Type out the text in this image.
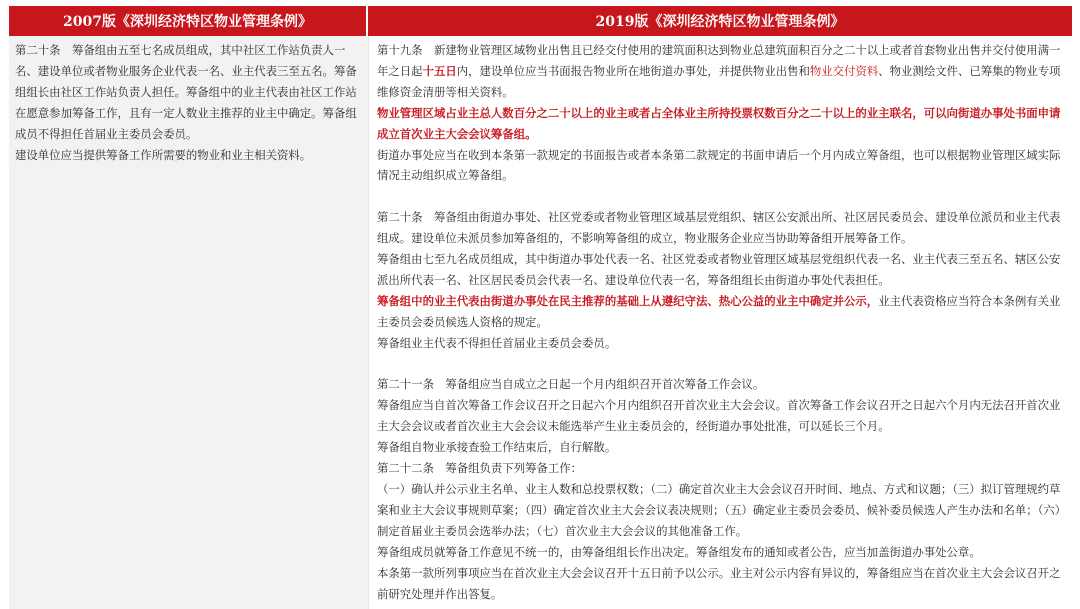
2007版《深圳经济特区物业管理条例》	2019版《深圳经济特区物业管理条例》

第二十条　筹备组由五至七名成员组成，其中社区工作站负责人一名、建设单位或者物业服务企业代表一名、业主代表三至五名。筹备组组长由社区工作站负责人担任。筹备组中的业主代表由社区工作站在愿意参加筹备工作，且有一定人数业主推荐的业主中确定。筹备组成员不得担任首届业主委员会委员。

建设单位应当提供筹备工作所需要的物业和业主相关资料。

第十九条　新建物业管理区域物业出售且已经交付使用的建筑面积达到物业总建筑面积百分之二十以上或者首套物业出售并交付使用满一年之日起十五日内，建设单位应当书面报告物业所在地街道办事处，并提供物业出售和物业交付资料、物业测绘文件、已筹集的物业专项维修资金清册等相关资料。

物业管理区域占业主总人数百分之二十以上的业主或者占全体业主所持投票权数百分之二十以上的业主联名，可以向街道办事处书面申请成立首次业主大会会议筹备组。

街道办事处应当在收到本条第一款规定的书面报告或者本条第二款规定的书面申请后一个月内成立筹备组，也可以根据物业管理区域实际情况主动组织成立筹备组。

第二十条　筹备组由街道办事处、社区党委或者物业管理区域基层党组织、辖区公安派出所、社区居民委员会、建设单位派员和业主代表组成。建设单位未派员参加筹备组的，不影响筹备组的成立，物业服务企业应当协助筹备组开展筹备工作。

筹备组由七至九名成员组成，其中街道办事处代表一名、社区党委或者物业管理区域基层党组织代表一名、业主代表三至五名、辖区公安派出所代表一名、社区居民委员会代表一名、建设单位代表一名，筹备组组长由街道办事处代表担任。

筹备组中的业主代表由街道办事处在民主推荐的基础上从遵纪守法、热心公益的业主中确定并公示，业主代表资格应当符合本条例有关业主委员会委员候选人资格的规定。

筹备组业主代表不得担任首届业主委员会委员。

第二十一条　筹备组应当自成立之日起一个月内组织召开首次筹备工作会议。

筹备组应当自首次筹备工作会议召开之日起六个月内组织召开首次业主大会会议。首次筹备工作会议召开之日起六个月内无法召开首次业主大会会议或者首次业主大会会议未能选举产生业主委员会的，经街道办事处批准，可以延长三个月。

筹备组自物业承接查验工作结束后，自行解散。

第二十二条　筹备组负责下列筹备工作：

（一）确认并公示业主名单、业主人数和总投票权数；（二）确定首次业主大会会议召开时间、地点、方式和议题；（三）拟订管理规约草案和业主大会议事规则草案；（四）确定首次业主大会会议表决规则；（五）确定业主委员会委员、候补委员候选人产生办法和名单；（六）制定首届业主委员会选举办法；（七）首次业主大会会议的其他准备工作。

筹备组成员就筹备工作意见不统一的，由筹备组组长作出决定。筹备组发布的通知或者公告，应当加盖街道办事处公章。

本条第一款所列事项应当在首次业主大会会议召开十五日前予以公示。业主对公示内容有异议的，筹备组应当在首次业主大会会议召开之前研究处理并作出答复。
